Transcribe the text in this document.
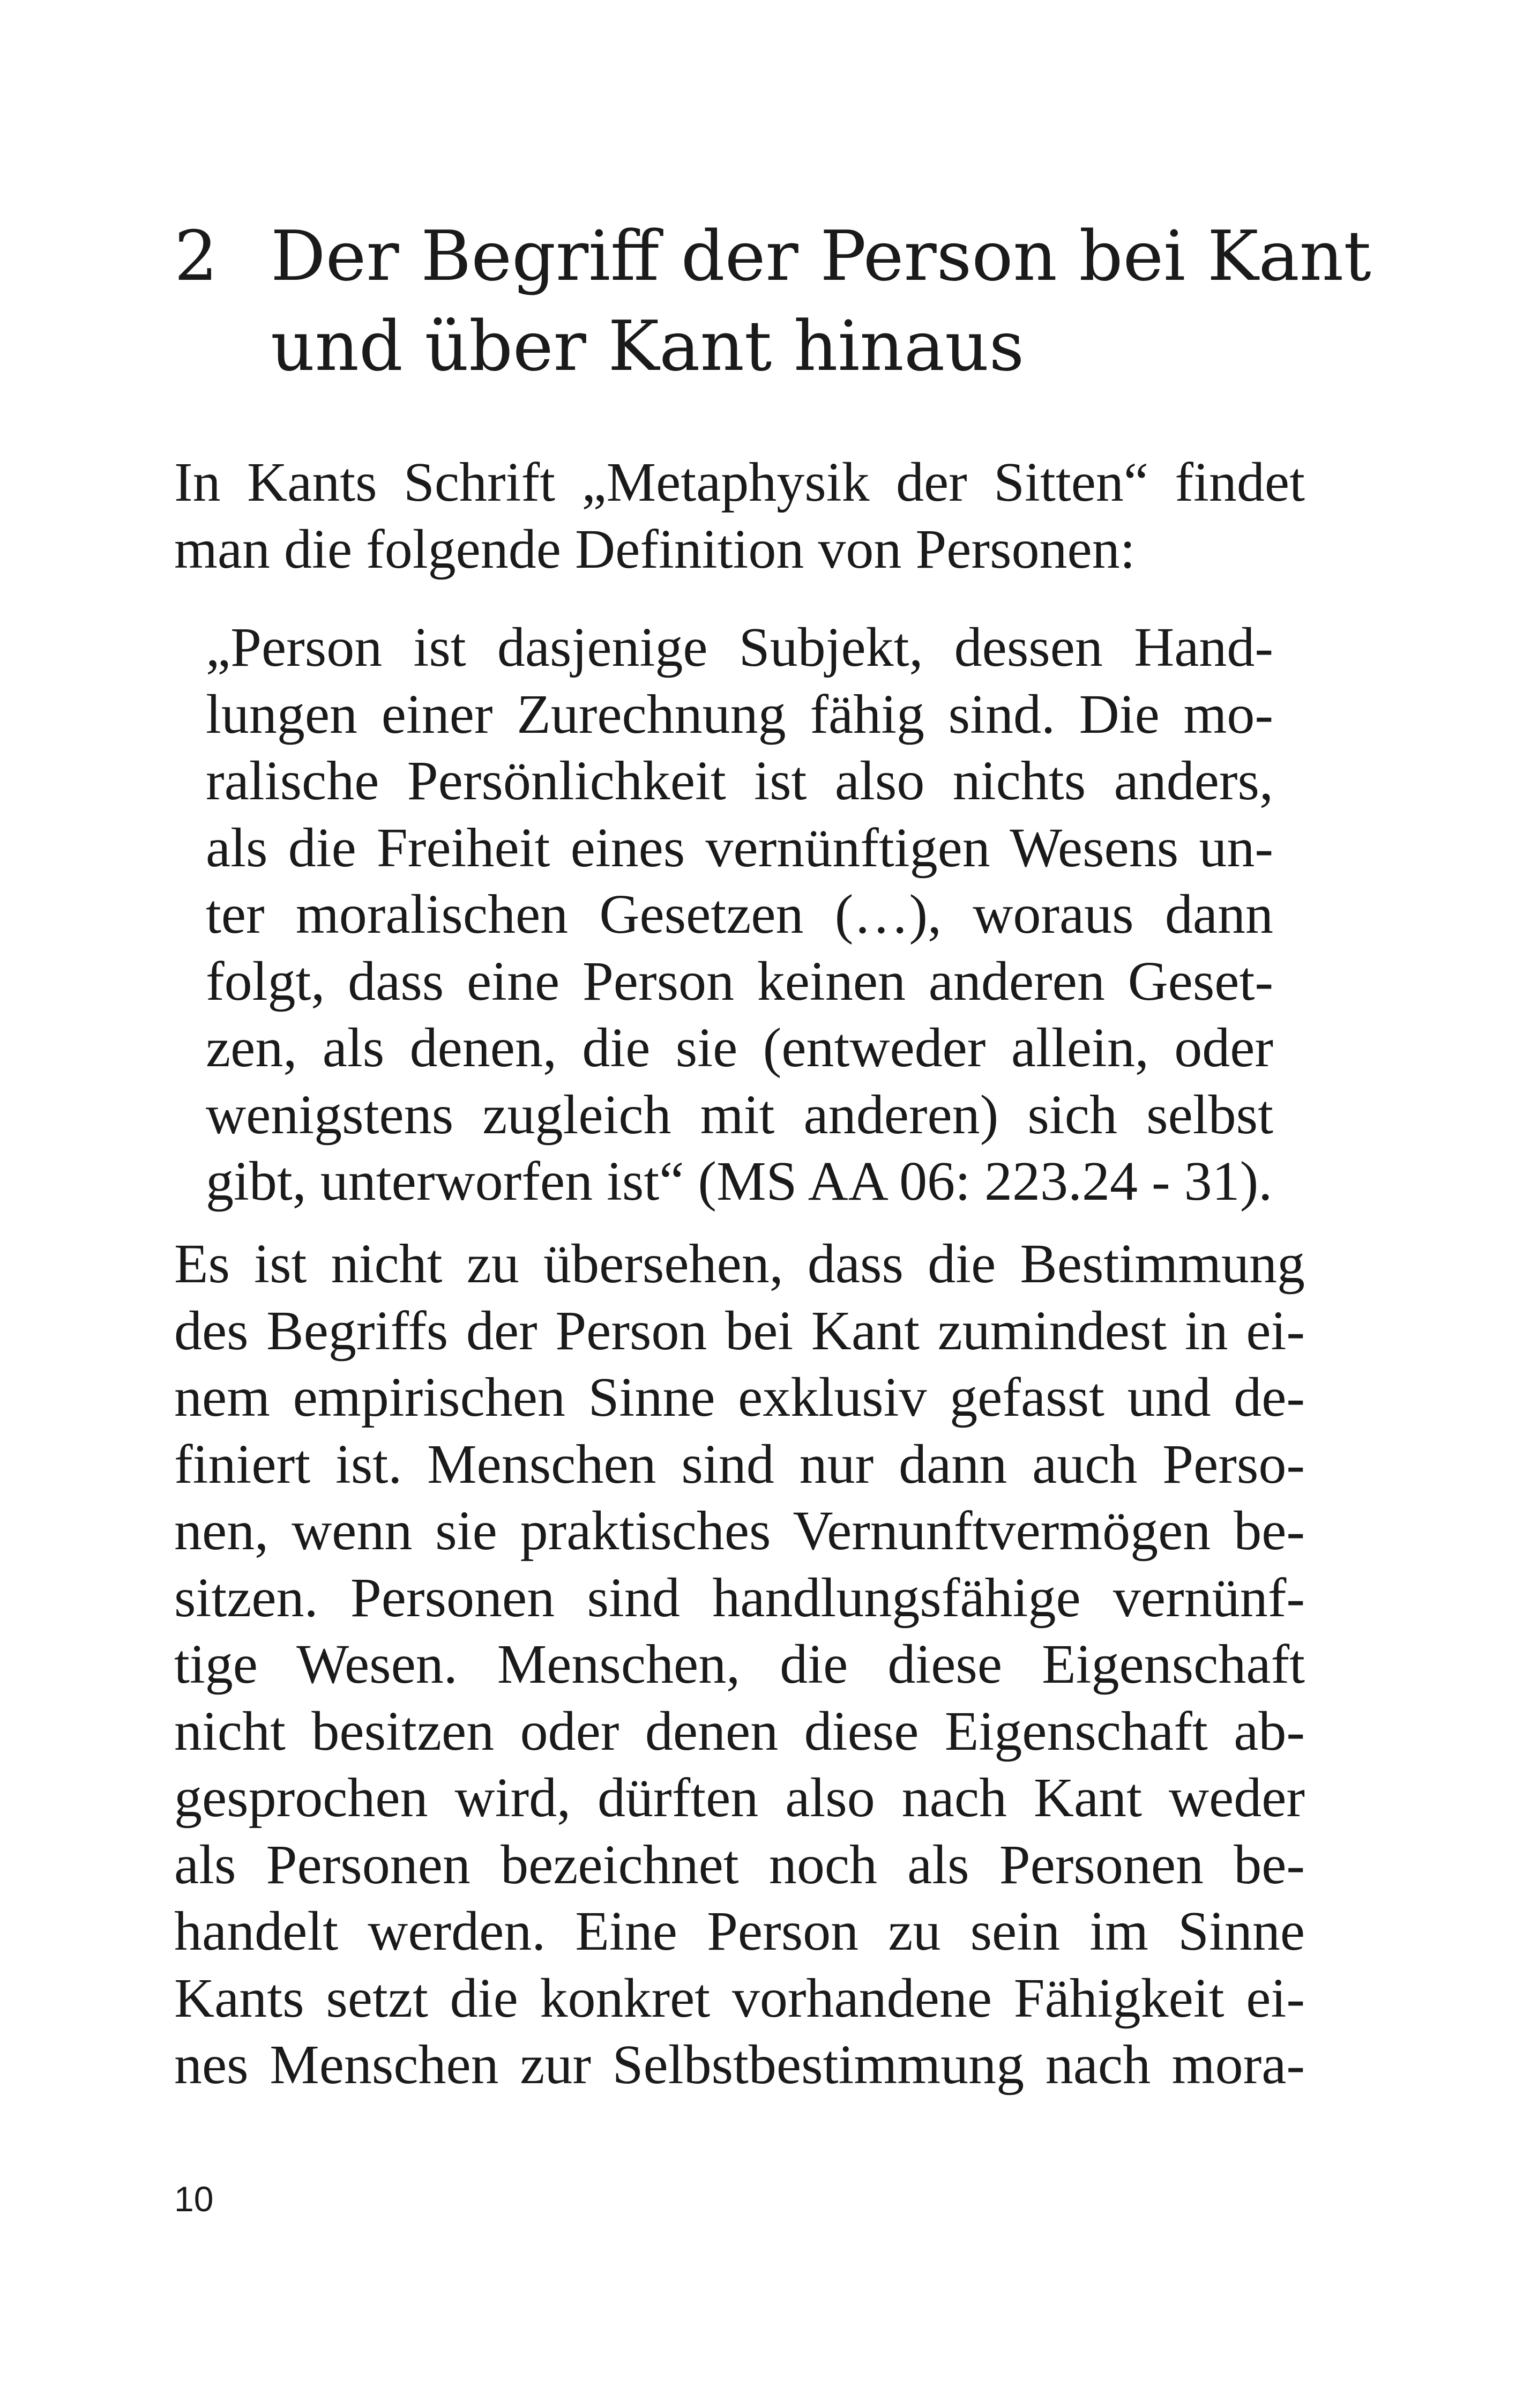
2 Der Begriff der Person bei Kant
und über Kant hinaus
In Kants Schrift „Metaphysik der Sitten“ findet
man die folgende Definition von Personen:
„Person ist dasjenige Subjekt, dessen Hand-
lungen einer Zurechnung fähig sind. Die mo-
ralische Persönlichkeit ist also nichts anders,
als die Freiheit eines vernünftigen Wesens un-
ter moralischen Gesetzen (…), woraus dann
folgt, dass eine Person keinen anderen Geset-
zen, als denen, die sie (entweder allein, oder
wenigstens zugleich mit anderen) sich selbst
gibt, unterworfen ist“ (MS AA 06: 223.24 - 31).
Es ist nicht zu übersehen, dass die Bestimmung
des Begriffs der Person bei Kant zumindest in ei-
nem empirischen Sinne exklusiv gefasst und de-
finiert ist. Menschen sind nur dann auch Perso-
nen, wenn sie praktisches Vernunftvermögen be-
sitzen. Personen sind handlungsfähige vernünf-
tige Wesen. Menschen, die diese Eigenschaft
nicht besitzen oder denen diese Eigenschaft ab-
gesprochen wird, dürften also nach Kant weder
als Personen bezeichnet noch als Personen be-
handelt werden. Eine Person zu sein im Sinne
Kants setzt die konkret vorhandene Fähigkeit ei-
nes Menschen zur Selbstbestimmung nach mora-
10
